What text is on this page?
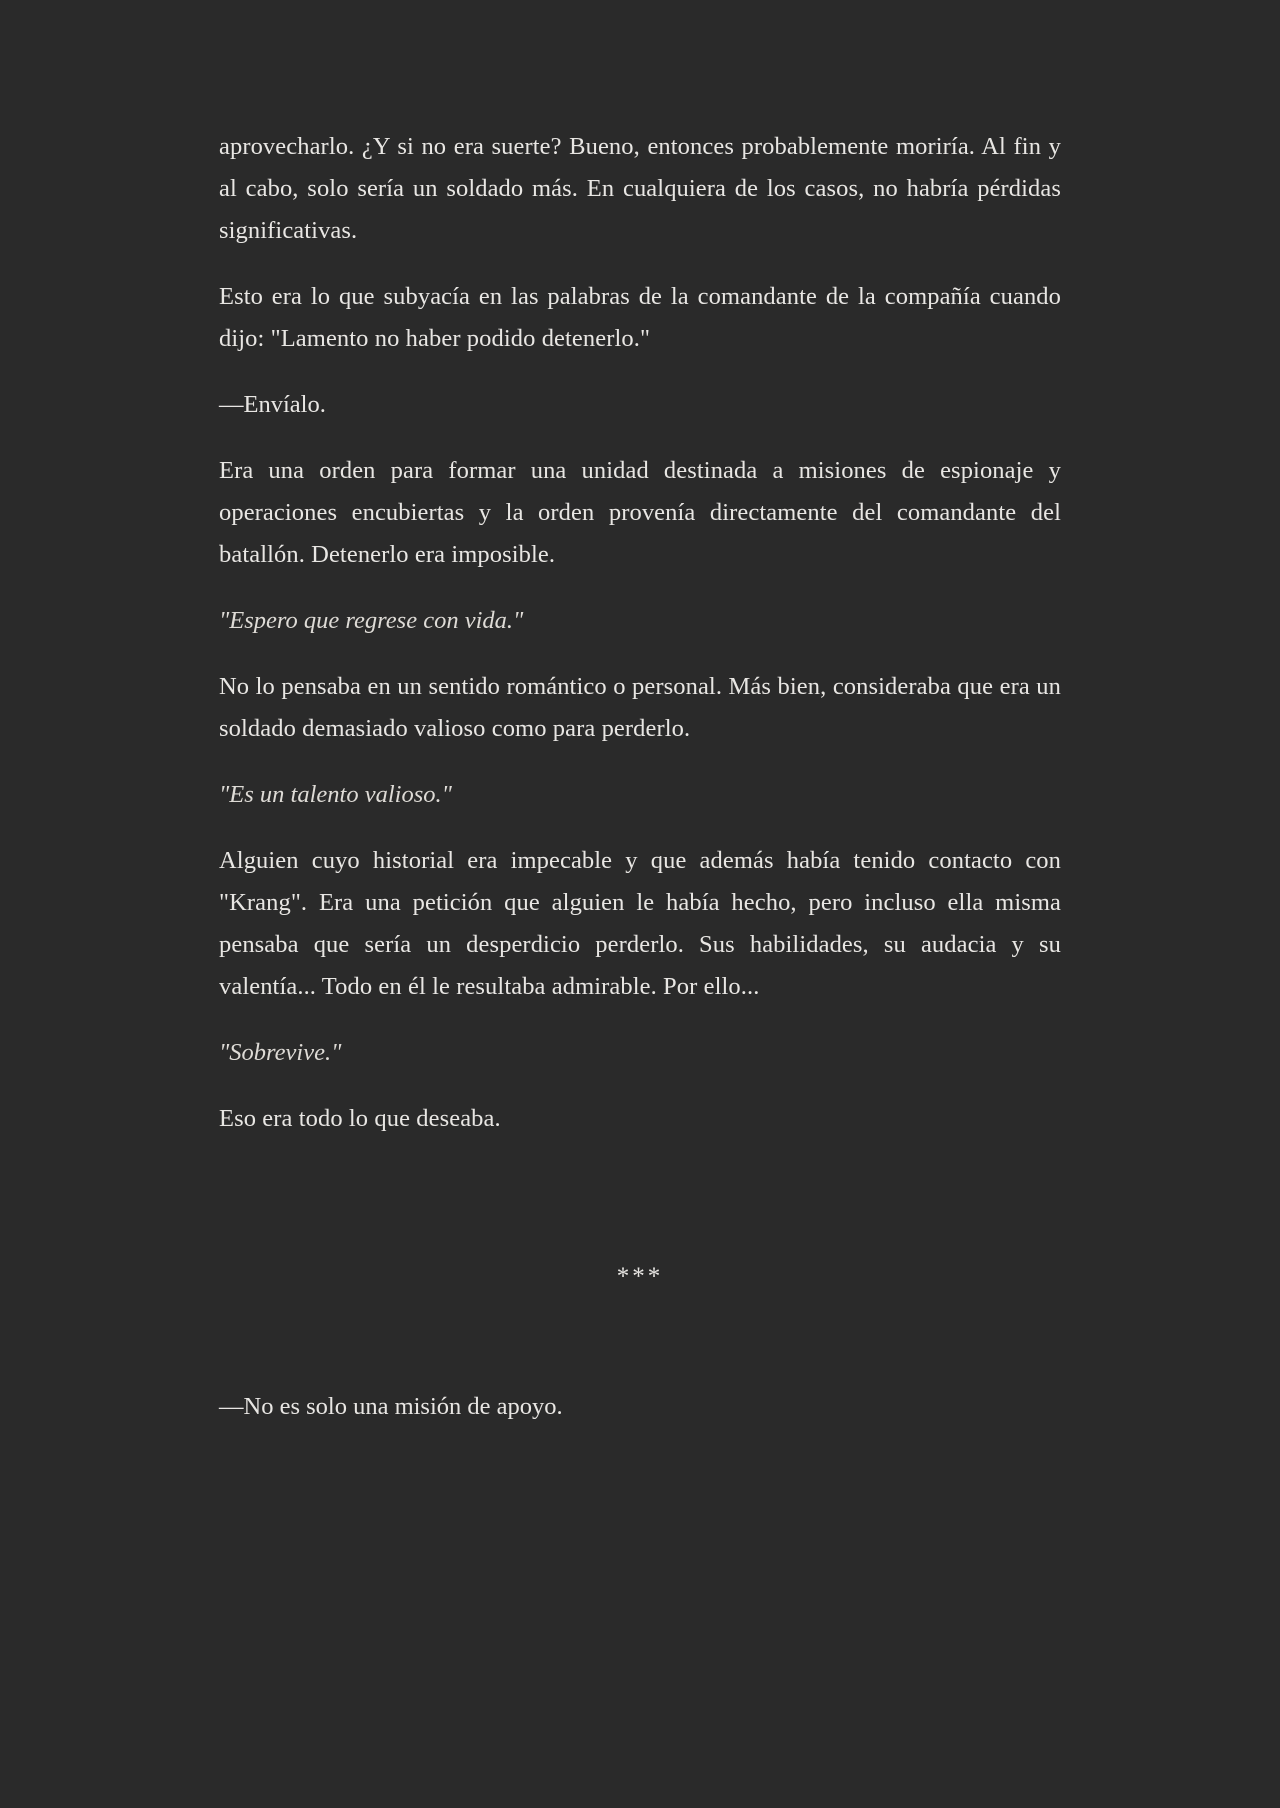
aprovecharlo. ¿Y si no era suerte? Bueno, entonces probablemente moriría. Al fin y al cabo, solo sería un soldado más. En cualquiera de los casos, no habría pérdidas significativas.

Esto era lo que subyacía en las palabras de la comandante de la compañía cuando dijo: "Lamento no haber podido detenerlo."

—Envíalo.

Era una orden para formar una unidad destinada a misiones de espionaje y operaciones encubiertas y la orden provenía directamente del comandante del batallón. Detenerlo era imposible.

"Espero que regrese con vida."

No lo pensaba en un sentido romántico o personal. Más bien, consideraba que era un soldado demasiado valioso como para perderlo.

"Es un talento valioso."

Alguien cuyo historial era impecable y que además había tenido contacto con "Krang". Era una petición que alguien le había hecho, pero incluso ella misma pensaba que sería un desperdicio perderlo. Sus habilidades, su audacia y su valentía... Todo en él le resultaba admirable. Por ello...

"Sobrevive."

Eso era todo lo que deseaba.

***

—No es solo una misión de apoyo.
